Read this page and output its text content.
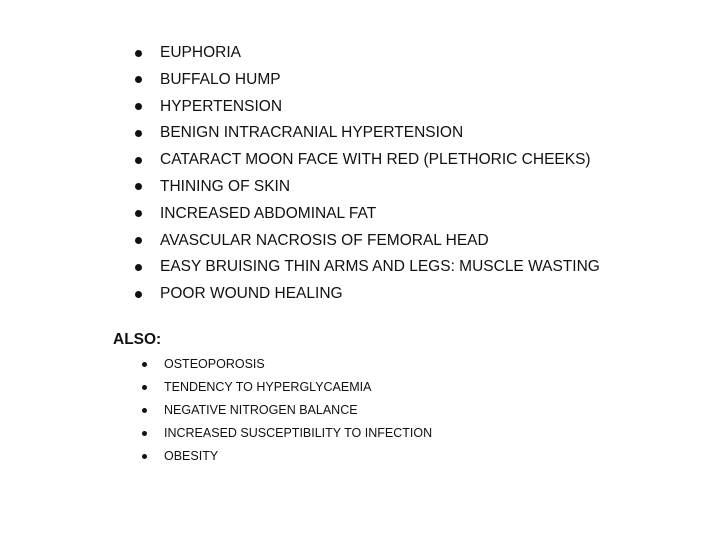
EUPHORIA
BUFFALO HUMP
HYPERTENSION
BENIGN INTRACRANIAL HYPERTENSION
CATARACT MOON FACE WITH RED (PLETHORIC CHEEKS)
THINING OF SKIN
INCREASED ABDOMINAL FAT
AVASCULAR NACROSIS OF FEMORAL HEAD
EASY BRUISING THIN ARMS AND LEGS: MUSCLE WASTING
POOR WOUND HEALING

ALSO:

OSTEOPOROSIS
TENDENCY TO HYPERGLYCAEMIA
NEGATIVE NITROGEN BALANCE
INCREASED SUSCEPTIBILITY TO INFECTION
OBESITY
